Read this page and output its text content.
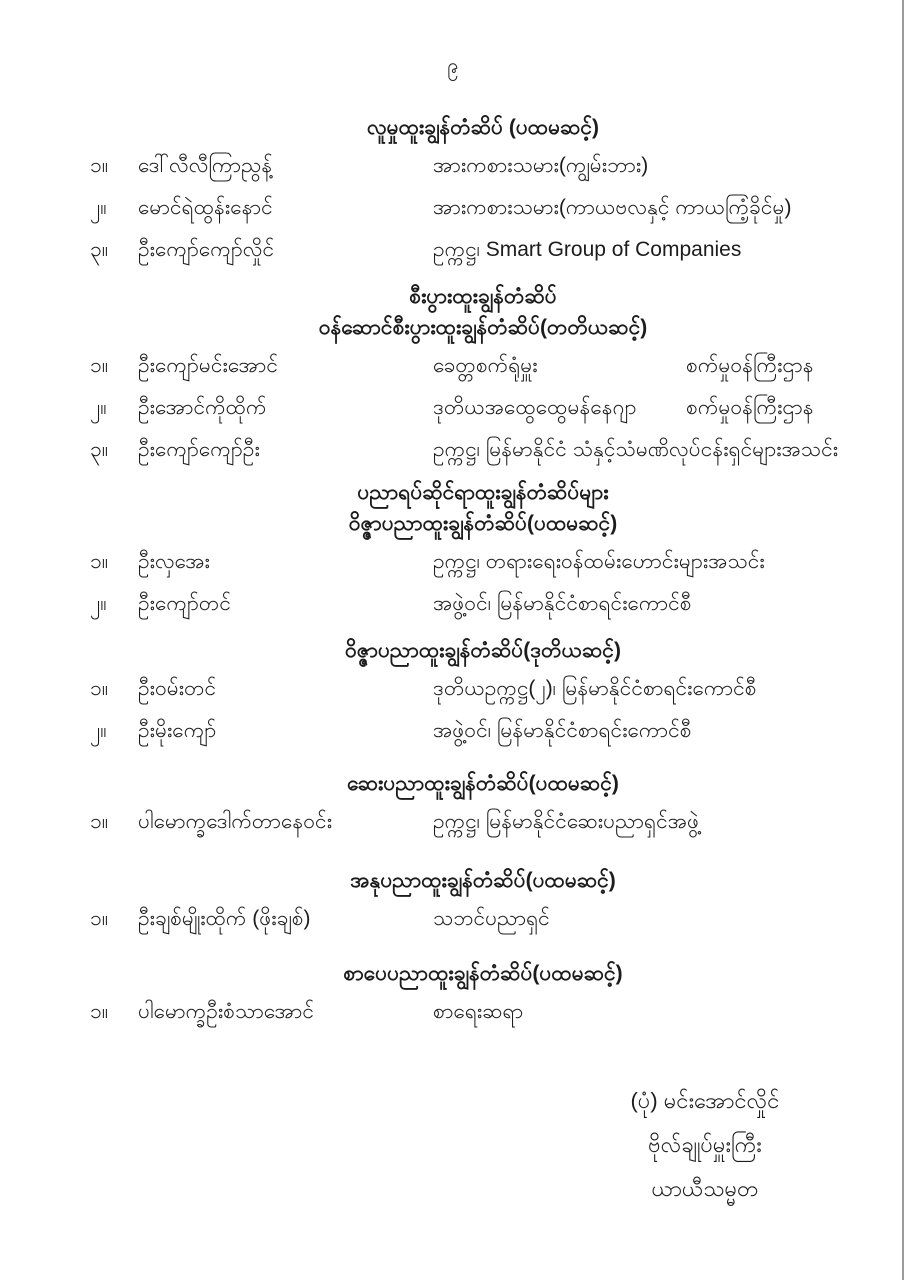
၉
လူမှုထူးချွန်တံဆိပ် (ပထမဆင့်)
၁။	ဒေါ်လီလီကြာညွန့်	အားကစားသမား(ကျွမ်းဘား)
၂။	မောင်ရဲထွန်းနောင်	အားကစားသမား(ကာယဗလနှင့် ကာယကြံ့ခိုင်မှု)
၃။	ဦးကျော်ကျော်လှိုင်	ဥက္ကဋ္ဌ၊ Smart Group of Companies
စီးပွားထူးချွန်တံဆိပ်
ဝန်ဆောင်စီးပွားထူးချွန်တံဆိပ်(တတိယဆင့်)
၁။	ဦးကျော်မင်းအောင်	ခေတ္တစက်ရုံမှူး	စက်မှုဝန်ကြီးဌာန
၂။	ဦးအောင်ကိုထိုက်	ဒုတိယအထွေထွေမန်နေဂျာ	စက်မှုဝန်ကြီးဌာန
၃။	ဦးကျော်ကျော်ဦး	ဥက္ကဋ္ဌ၊ မြန်မာနိုင်ငံ သံနှင့်သံမဏိလုပ်ငန်းရှင်များအသင်း
ပညာရပ်ဆိုင်ရာထူးချွန်တံဆိပ်များ
ဝိဇ္ဇာပညာထူးချွန်တံဆိပ်(ပထမဆင့်)
၁။	ဦးလှအေး	ဥက္ကဋ္ဌ၊ တရားရေးဝန်ထမ်းဟောင်းများအသင်း
၂။	ဦးကျော်တင်	အဖွဲ့ဝင်၊ မြန်မာနိုင်ငံစာရင်းကောင်စီ
ဝိဇ္ဇာပညာထူးချွန်တံဆိပ်(ဒုတိယဆင့်)
၁။	ဦးဝမ်းတင်	ဒုတိယဥက္ကဋ္ဌ(၂)၊ မြန်မာနိုင်ငံစာရင်းကောင်စီ
၂။	ဦးမိုးကျော်	အဖွဲ့ဝင်၊ မြန်မာနိုင်ငံစာရင်းကောင်စီ
ဆေးပညာထူးချွန်တံဆိပ်(ပထမဆင့်)
၁။	ပါမောက္ခဒေါက်တာနေဝင်း	ဥက္ကဋ္ဌ၊ မြန်မာနိုင်ငံဆေးပညာရှင်အဖွဲ့
အနုပညာထူးချွန်တံဆိပ်(ပထမဆင့်)
၁။	ဦးချစ်မျိုးထိုက် (ဖိုးချစ်)	သဘင်ပညာရှင်
စာပေပညာထူးချွန်တံဆိပ်(ပထမဆင့်)
၁။	ပါမောက္ခဦးစံသာအောင်	စာရေးဆရာ
(ပုံ) မင်းအောင်လှိုင်
ဗိုလ်ချုပ်မှူးကြီး
ယာယီသမ္မတ
